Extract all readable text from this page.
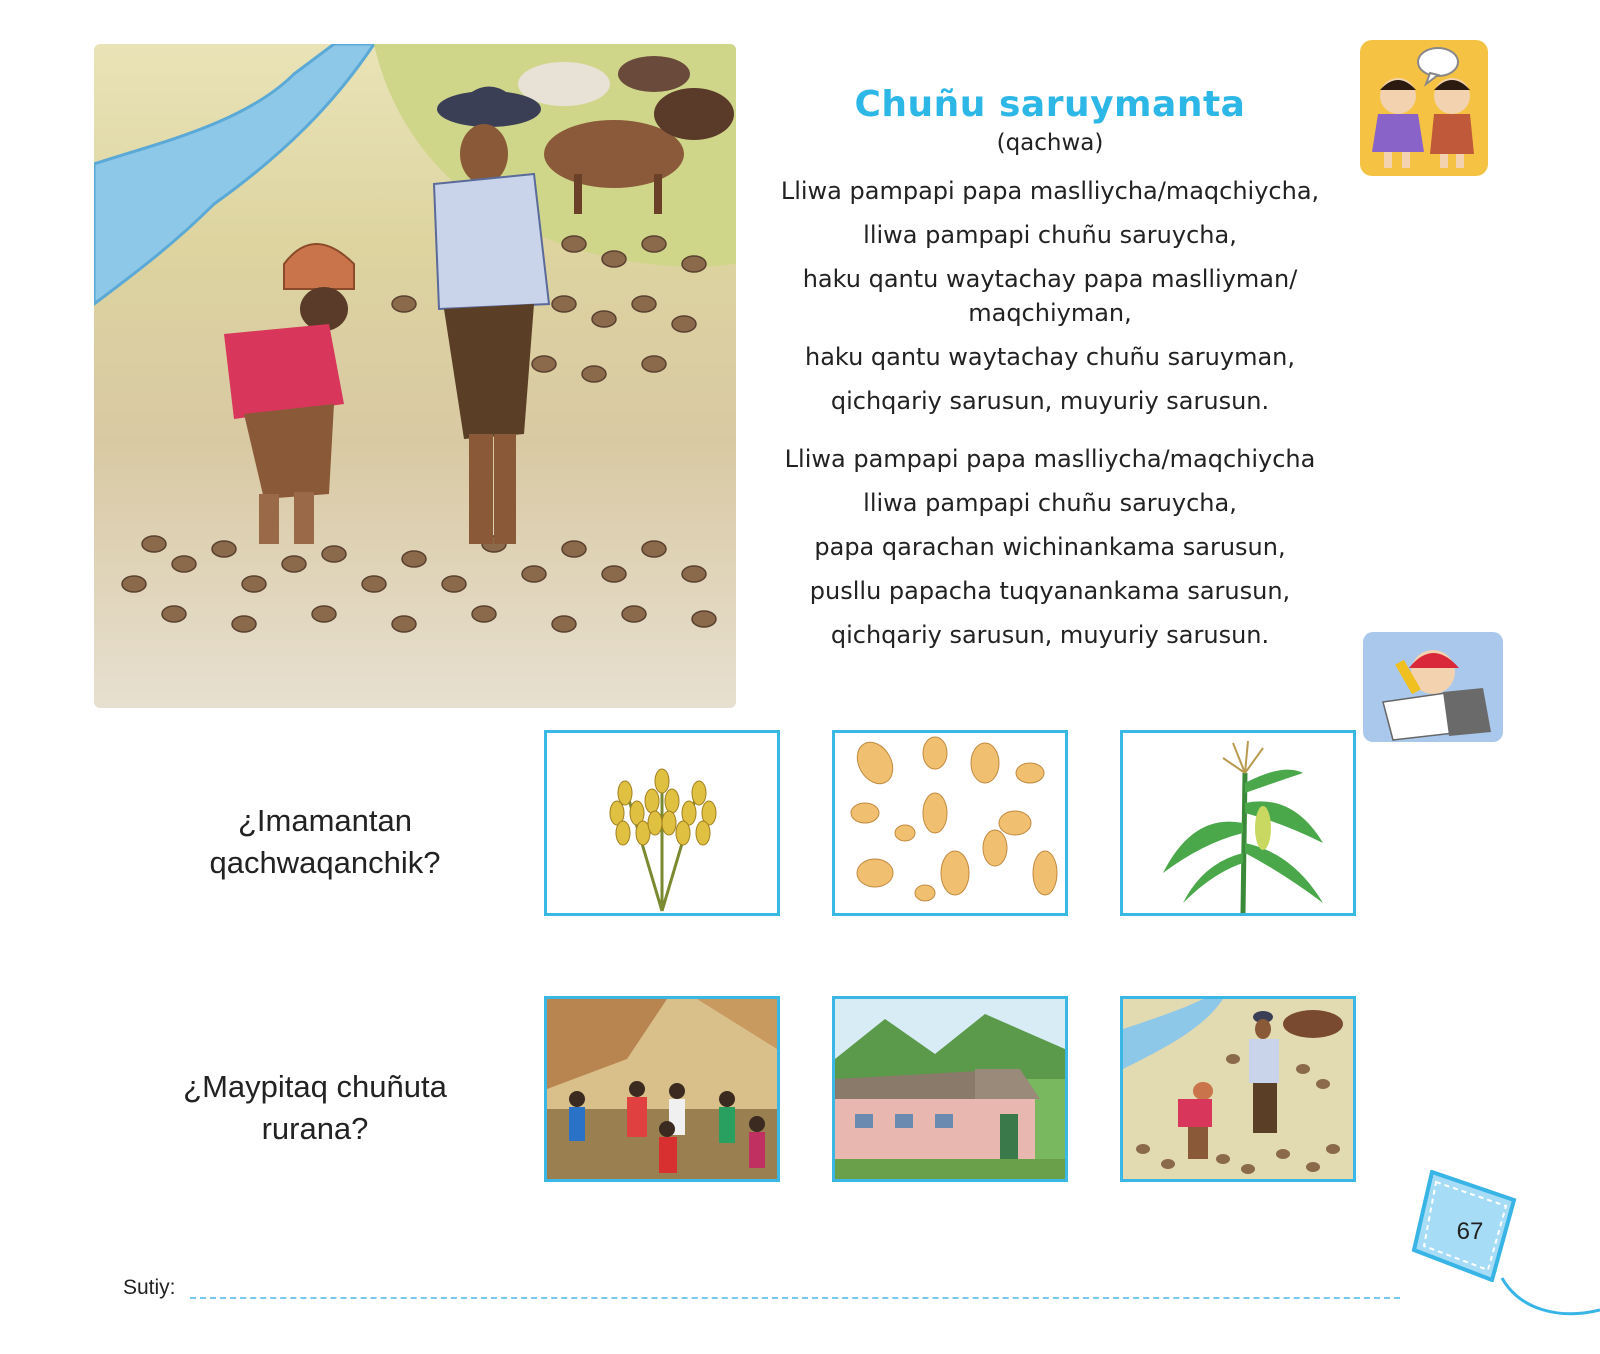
Chuñu saruymanta
(qachwa)
Lliwa pampapi papa maslliycha/maqchiycha,
lliwa pampapi chuñu saruycha,
haku qantu waytachay papa maslliyman/
maqchiyman,
haku qantu waytachay chuñu saruyman,
qichqariy sarusun, muyuriy sarusun.
Lliwa pampapi papa maslliycha/maqchiycha
lliwa pampapi chuñu saruycha,
papa qarachan wichinankama sarusun,
pusllu papacha tuqyanankama sarusun,
qichqariy sarusun, muyuriy sarusun.
¿Imamantan
qachwaqanchik?
¿Maypitaq chuñuta
rurana?
Sutiy:
67
